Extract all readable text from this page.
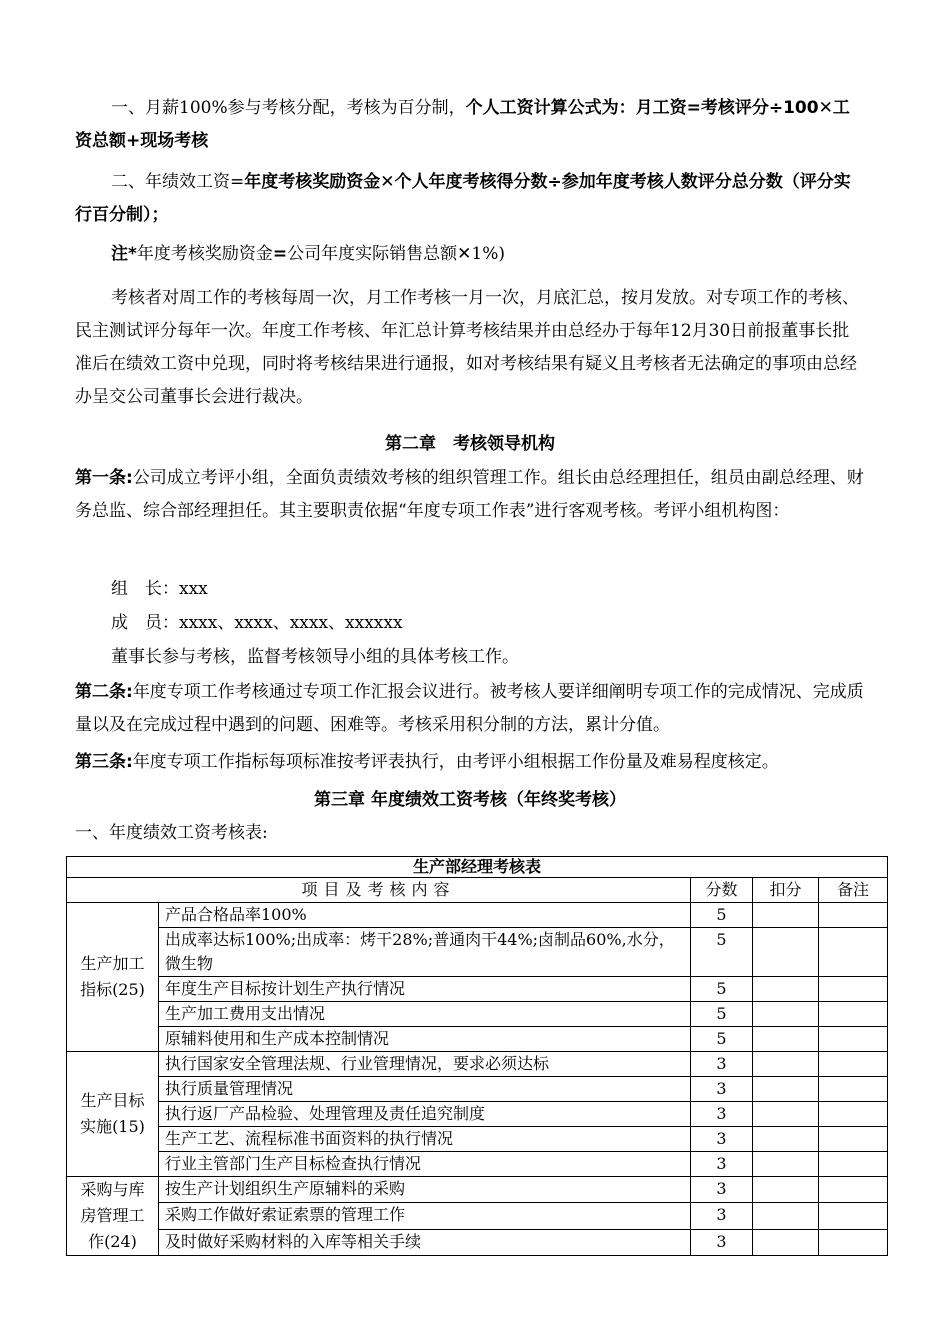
一、月薪100%参与考核分配，考核为百分制，个人工资计算公式为：月工资=考核评分÷100✕工资总额+现场考核

二、年绩效工资=年度考核奖励资金✕个人年度考核得分数÷参加年度考核人数评分总分数（评分实行百分制）；

注*年度考核奖励资金=公司年度实际销售总额✕1%)

考核者对周工作的考核每周一次，月工作考核一月一次，月底汇总，按月发放。对专项工作的考核、民主测试评分每年一次。年度工作考核、年汇总计算考核结果并由总经办于每年12月30日前报董事长批准后在绩效工资中兑现，同时将考核结果进行通报，如对考核结果有疑义且考核者无法确定的事项由总经办呈交公司董事长会进行裁决。

第二章　考核领导机构

第一条:公司成立考评小组，全面负责绩效考核的组织管理工作。组长由总经理担任，组员由副总经理、财务总监、综合部经理担任。其主要职责依据“年度专项工作表”进行客观考核。考评小组机构图：

组　长：xxx

成　员：xxxx、xxxx、xxxx、xxxxxx

董事长参与考核，监督考核领导小组的具体考核工作。

第二条:年度专项工作考核通过专项工作汇报会议进行。被考核人要详细阐明专项工作的完成情况、完成质量以及在完成过程中遇到的问题、困难等。考核采用积分制的方法，累计分值。

第三条:年度专项工作指标每项标准按考评表执行，由考评小组根据工作份量及难易程度核定。

第三章 年度绩效工资考核（年终奖考核）

一、年度绩效工资考核表:

生产部经理考核表				
项目及考核内容		分数	扣分	备注
生产加工
指标(25)	产品合格品率100%	5		
	出成率达标100%;出成率：烤干28%;普通肉干44%;卤制品60%,水分，微生物	5		
	年度生产目标按计划生产执行情况	5		
	生产加工费用支出情况	5		
	原辅料使用和生产成本控制情况	5		
生产目标
实施(15)	执行国家安全管理法规、行业管理情况，要求必须达标	3		
	执行质量管理情况	3		
	执行返厂产品检验、处理管理及责任追究制度	3		
	生产工艺、流程标准书面资料的执行情况	3		
	行业主管部门生产目标检查执行情况	3		
采购与库
房管理工
作(24)	按生产计划组织生产原辅料的采购	3		
	采购工作做好索证索票的管理工作	3		
	及时做好采购材料的入库等相关手续	3		
